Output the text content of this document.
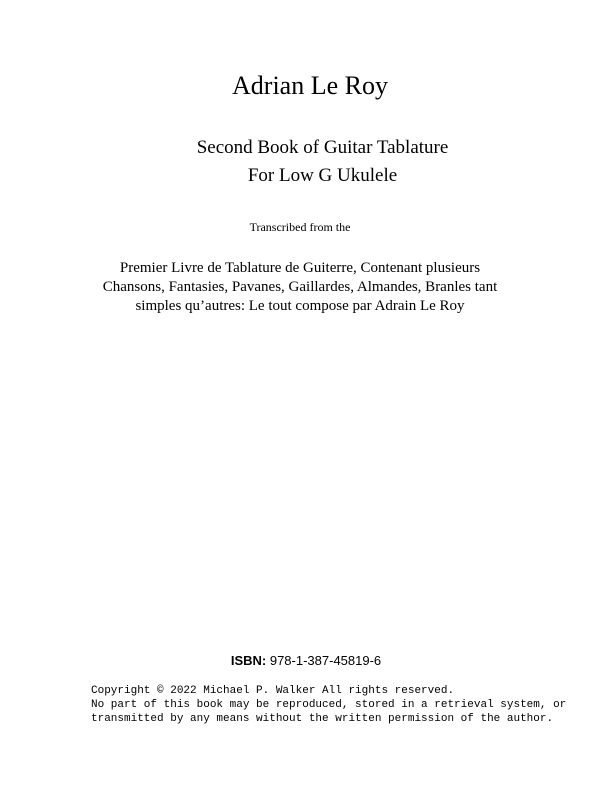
Adrian Le Roy
Second Book of Guitar Tablature
For Low G Ukulele
Transcribed from the
Premier Livre de Tablature de Guiterre, Contenant plusieurs
Chansons, Fantasies, Pavanes, Gaillardes, Almandes, Branles tant
simples qu’autres: Le tout compose par Adrain Le Roy
ISBN: 978-1-387-45819-6
Copyright © 2022 Michael P. Walker All rights reserved.
No part of this book may be reproduced, stored in a retrieval system, or
transmitted by any means without the written permission of the author.
